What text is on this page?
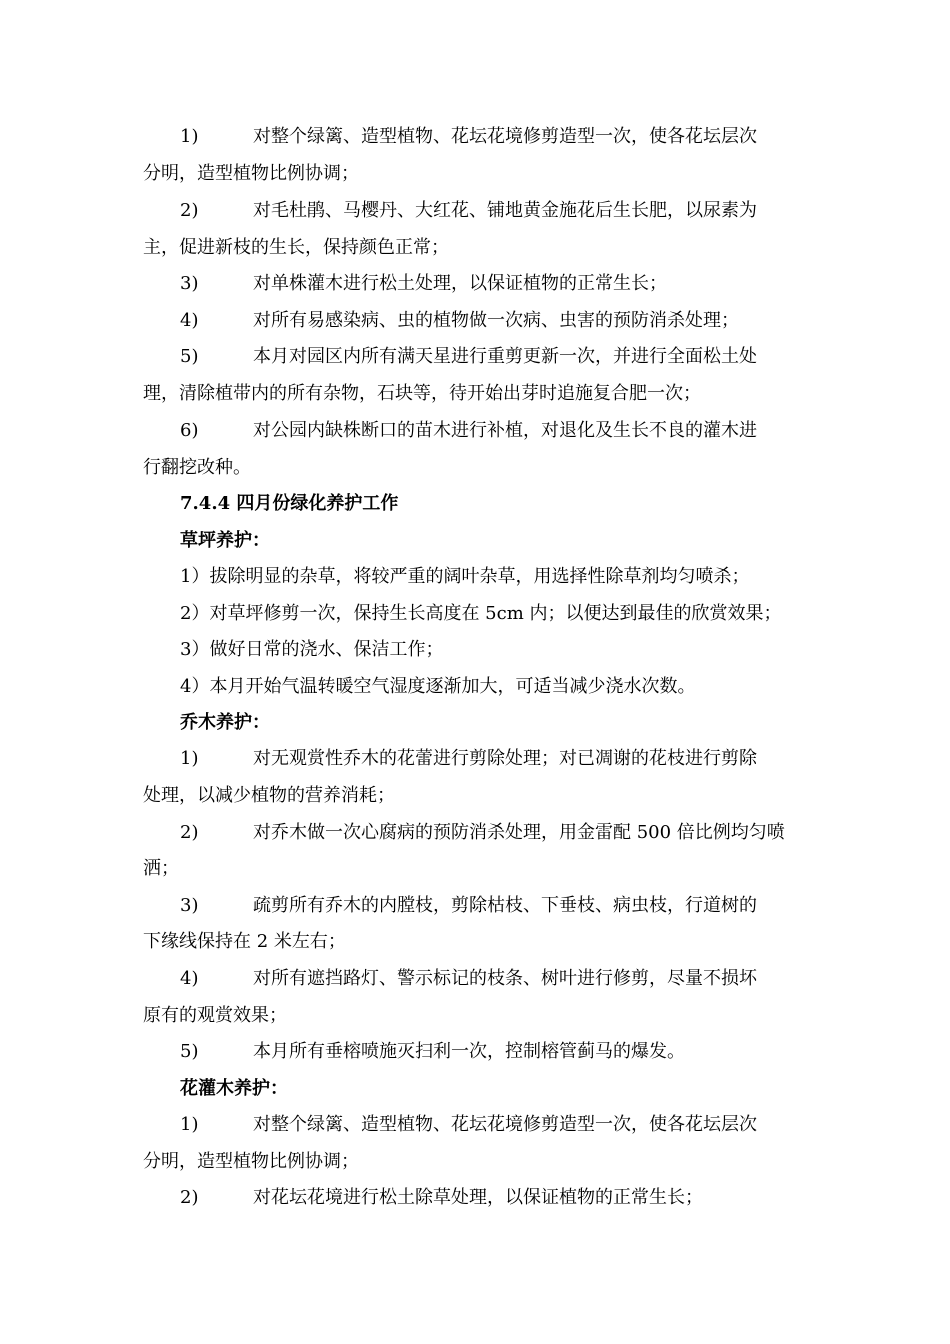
1)	对整个绿篱、造型植物、花坛花境修剪造型一次，使各花坛层次
分明，造型植物比例协调；
2)	对毛杜鹃、马樱丹、大红花、铺地黄金施花后生长肥，以尿素为
主，促进新枝的生长，保持颜色正常；
3)	对单株灌木进行松土处理，以保证植物的正常生长；
4)	对所有易感染病、虫的植物做一次病、虫害的预防消杀处理；
5)	本月对园区内所有满天星进行重剪更新一次，并进行全面松土处
理，清除植带内的所有杂物，石块等，待开始出芽时追施复合肥一次；
6)	对公园内缺株断口的苗木进行补植，对退化及生长不良的灌木进
行翻挖改种。
7.4.4 四月份绿化养护工作
草坪养护：
1）拔除明显的杂草，将较严重的阔叶杂草，用选择性除草剂均匀喷杀；
2）对草坪修剪一次，保持生长高度在 5cm 内；以便达到最佳的欣赏效果；
3）做好日常的浇水、保洁工作；
4）本月开始气温转暖空气湿度逐渐加大，可适当减少浇水次数。
乔木养护：
1)	对无观赏性乔木的花蕾进行剪除处理；对已凋谢的花枝进行剪除
处理，以减少植物的营养消耗；
2)	对乔木做一次心腐病的预防消杀处理，用金雷配 500 倍比例均匀喷
洒；
3)	疏剪所有乔木的内膛枝，剪除枯枝、下垂枝、病虫枝，行道树的
下缘线保持在 2 米左右；
4)	对所有遮挡路灯、警示标记的枝条、树叶进行修剪，尽量不损坏
原有的观赏效果；
5)	本月所有垂榕喷施灭扫利一次，控制榕管蓟马的爆发。
花灌木养护：
1)	对整个绿篱、造型植物、花坛花境修剪造型一次，使各花坛层次
分明，造型植物比例协调；
2)	对花坛花境进行松土除草处理，以保证植物的正常生长；
